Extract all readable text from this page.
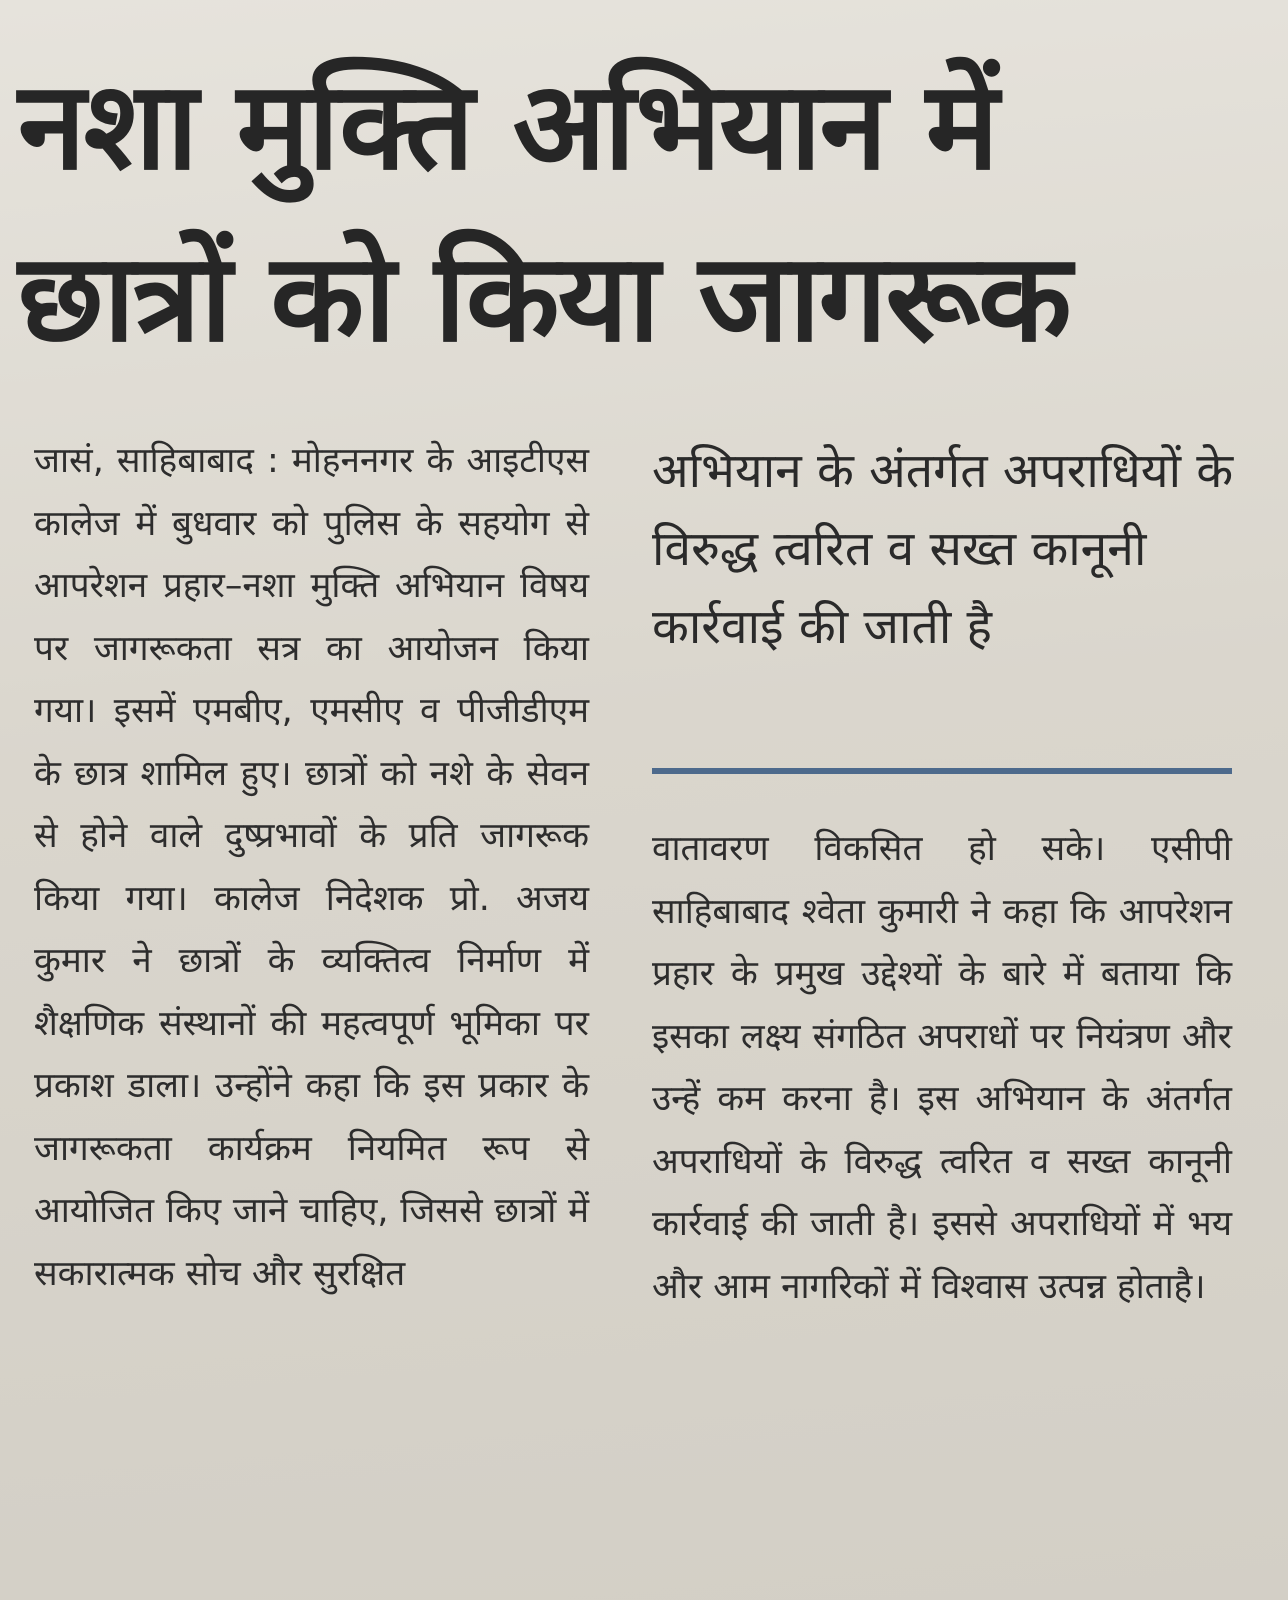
नशा मुक्ति अभियान में
छात्रों को किया जागरूक

जासं, साहिबाबाद : मोहननगर के आइटीएस कालेज में बुधवार को पुलिस के सहयोग से आपरेशन प्रहार–नशा मुक्ति अभियान विषय पर जागरूकता सत्र का आयोजन किया गया। इसमें एमबीए, एमसीए व पीजीडीएम के छात्र शामिल हुए। छात्रों को नशे के सेवन से होने वाले दुष्प्रभावों के प्रति जागरूक किया गया। कालेज निदेशक प्रो. अजय कुमार ने छात्रों के व्यक्तित्व निर्माण में शैक्षणिक संस्थानों की महत्वपूर्ण भूमिका पर प्रकाश डाला। उन्होंने कहा कि इस प्रकार के जागरूकता कार्यक्रम नियमित रूप से आयोजित किए जाने चाहिए, जिससे छात्रों में सकारात्मक सोच और सुरक्षित

अभियान के अंतर्गत अपराधियों के विरुद्ध त्वरित व सख्त कानूनी कार्रवाई की जाती है

वातावरण विकसित हो सके। एसीपी साहिबाबाद श्वेता कुमारी ने कहा कि आपरेशन प्रहार के प्रमुख उद्देश्यों के बारे में बताया कि इसका लक्ष्य संगठित अपराधों पर नियंत्रण और उन्हें कम करना है। इस अभियान के अंतर्गत अपराधियों के विरुद्ध त्वरित व सख्त कानूनी कार्रवाई की जाती है। इससे अपराधियों में भय और आम नागरिकों में विश्वास उत्पन्न होताहै।
